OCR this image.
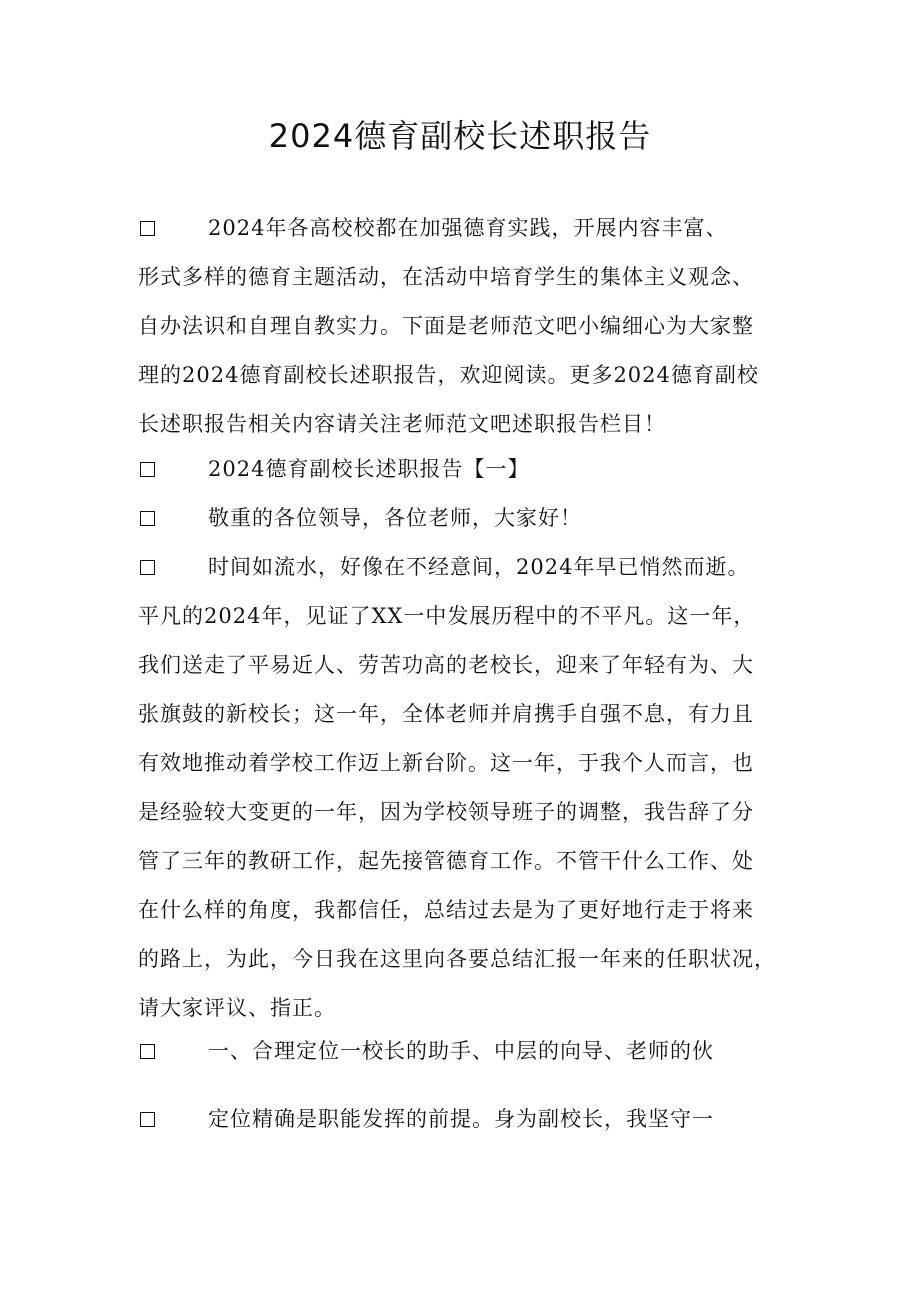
2024德育副校长述职报告
2024年各高校校都在加强德育实践，开展内容丰富、
形式多样的德育主题活动，在活动中培育学生的集体主义观念、
自办法识和自理自教实力。下面是老师范文吧小编细心为大家整
理的2024德育副校长述职报告，欢迎阅读。更多2024德育副校
长述职报告相关内容请关注老师范文吧述职报告栏目！
2024德育副校长述职报告【一】
敬重的各位领导，各位老师，大家好！
时间如流水，好像在不经意间，2024年早已悄然而逝。
平凡的2024年，见证了XX一中发展历程中的不平凡。这一年，
我们送走了平易近人、劳苦功高的老校长，迎来了年轻有为、大
张旗鼓的新校长；这一年，全体老师并肩携手自强不息，有力且
有效地推动着学校工作迈上新台阶。这一年，于我个人而言，也
是经验较大变更的一年，因为学校领导班子的调整，我告辞了分
管了三年的教研工作，起先接管德育工作。不管干什么工作、处
在什么样的角度，我都信任，总结过去是为了更好地行走于将来
的路上，为此，今日我在这里向各要总结汇报一年来的任职状况，
请大家评议、指正。
一、合理定位一校长的助手、中层的向导、老师的伙
定位精确是职能发挥的前提。身为副校长，我坚守一
